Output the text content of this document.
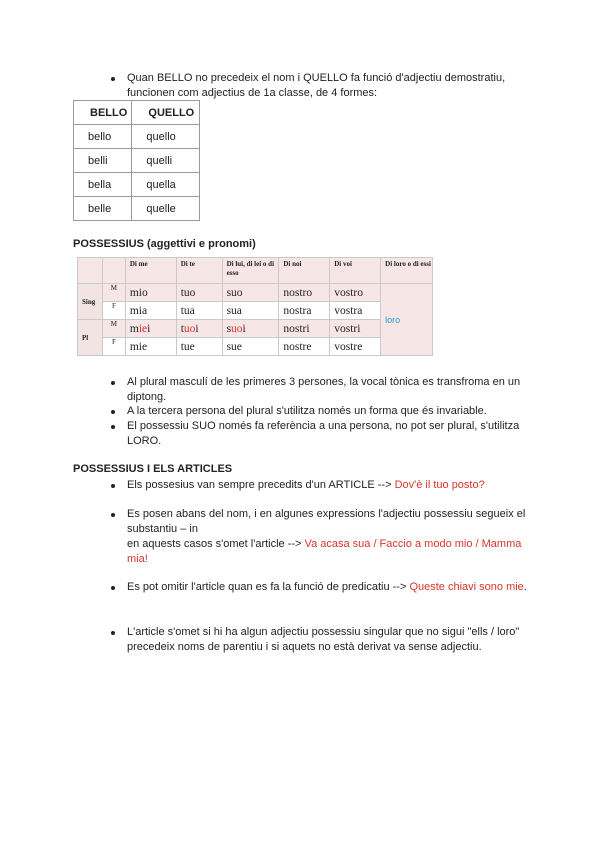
Quan BELLO no precedeix el nom i QUELLO fa funció d'adjectiu demostratiu, funcionen com adjectius de 1a classe, de 4 formes:
BELLO	QUELLO
bello	quello
belli	quelli
bella	quella
belle	quelle
POSSESSIUS (aggettivi e pronomi)
		Di me	Di te	Di lui, di lei o di esso	Di noi	Di voi	Di loro o di essi
Sing	M	mio	tuo	suo	nostro	vostro	loro
	F	mia	tua	sua	nostra	vostra	
Pl	M	miei	tuoi	suoi	nostri	vostri	
	F	mie	tue	sue	nostre	vostre	
Al plural masculí de les primeres 3 persones, la vocal tònica es transfroma en un diptong.
A la tercera persona del plural s'utilitza només un forma que és invariable.
El possessiu SUO només fa referència a una persona, no pot ser plural, s'utilitza LORO.
POSSESSIUS I ELS ARTICLES
Els possesius van sempre precedits d'un ARTICLE --> Dov'è il tuo posto?
Es posen abans del nom, i en algunes expressions l'adjectiu possessiu segueix el substantiu – in
en aquests casos s'omet l'article --> Va acasa sua / Faccio a modo mio / Mamma mia!
Es pot omitir l'article quan es fa la funció de predicatiu --> Queste chiavi sono mie.
L'article s'omet si hi ha algun adjectiu possessiu singular que no sigui "ells / loro" precedeix noms de parentiu i si aquets no està derivat va sense adjectiu.
